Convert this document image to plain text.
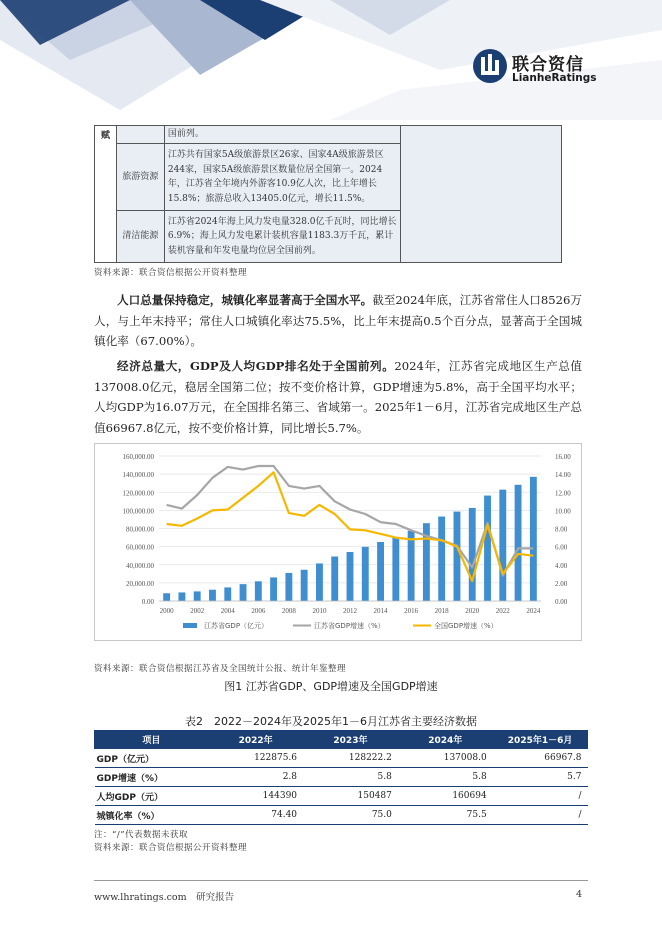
联合资信
LianheRatings
赋		国前列。	
	旅游资源	江苏共有国家5A级旅游景区26家、国家4A级旅游景区244家，国家5A级旅游景区数量位居全国第一。2024年，江苏省全年境内外游客10.9亿人次，比上年增长15.8%；旅游总收入13405.0亿元，增长11.5%。	
	清洁能源	江苏省2024年海上风力发电量328.0亿千瓦时，同比增长6.9%；海上风力发电累计装机容量1183.3万千瓦，累计装机容量和年发电量均位居全国前列。	
资料来源：联合资信根据公开资料整理
人口总量保持稳定，城镇化率显著高于全国水平。截至2024年底，江苏省常住人口8526万人，与上年末持平；常住人口城镇化率达75.5%，比上年末提高0.5个百分点，显著高于全国城镇化率（67.00%）。
经济总量大，GDP及人均GDP排名处于全国前列。2024年，江苏省完成地区生产总值137008.0亿元，稳居全国第二位；按不变价格计算，GDP增速为5.8%，高于全国平均水平；人均GDP为16.07万元，在全国排名第三、省域第一。2025年1－6月，江苏省完成地区生产总值66967.8亿元，按不变价格计算，同比增长5.7%。
0.00
20,000.00
40,000.00
60,000.00
80,000.00
100,000.00
120,000.00
140,000.00
160,000.00
0.00
2.00
4.00
6.00
8.00
10.00
12.00
14.00
16.00
2000 2002 2004 2006 2008 2010 2012 2014 2016 2018 2020 2022 2024
江苏省GDP（亿元）	江苏省GDP增速（%）	全国GDP增速（%）
资料来源：联合资信根据江苏省及全国统计公报、统计年鉴整理
图1 江苏省GDP、GDP增速及全国GDP增速
表2　2022－2024年及2025年1－6月江苏省主要经济数据
项目	2022年	2023年	2024年	2025年1－6月
GDP（亿元）	122875.6	128222.2	137008.0	66967.8
GDP增速（%）	2.8	5.8	5.8	5.7
人均GDP（元）	144390	150487	160694	/
城镇化率（%）	74.40	75.0	75.5	/
注：“/”代表数据未获取
资料来源：联合资信根据公开资料整理
www.lhratings.com　研究报告	4
